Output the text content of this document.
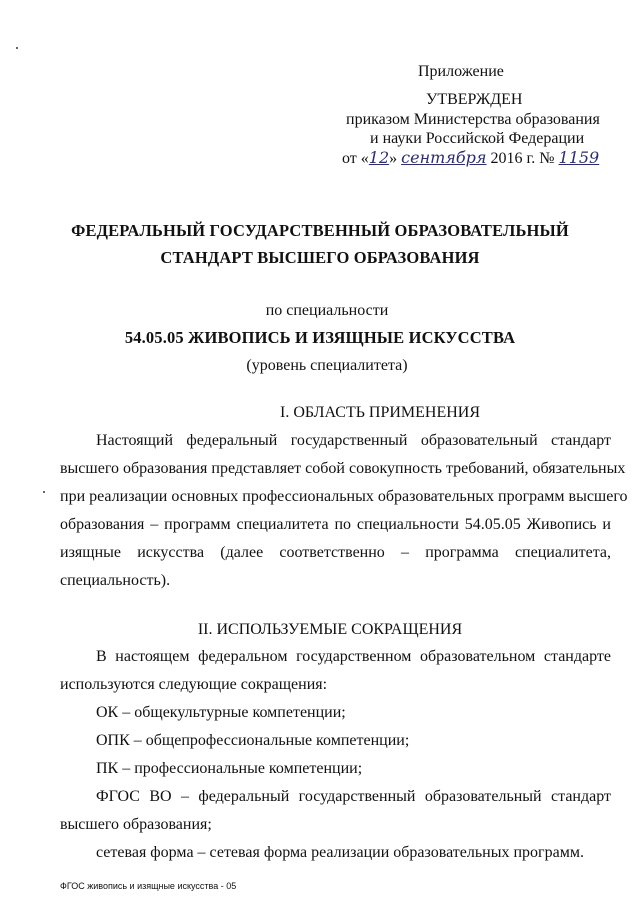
Приложение
УТВЕРЖДЕН
приказом Министерства образования
и науки Российской Федерации
от «12» сентября 2016 г. № 1159
ФЕДЕРАЛЬНЫЙ ГОСУДАРСТВЕННЫЙ ОБРАЗОВАТЕЛЬНЫЙ
СТАНДАРТ ВЫСШЕГО ОБРАЗОВАНИЯ
по специальности
54.05.05 ЖИВОПИСЬ И ИЗЯЩНЫЕ ИСКУССТВА
(уровень специалитета)
I. ОБЛАСТЬ ПРИМЕНЕНИЯ
Настоящий федеральный государственный образовательный стандарт
высшего образования представляет собой совокупность требований, обязательных
при реализации основных профессиональных образовательных программ высшего
образования – программ специалитета по специальности 54.05.05 Живопись и
изящные искусства (далее соответственно – программа специалитета,
специальность).
II. ИСПОЛЬЗУЕМЫЕ СОКРАЩЕНИЯ
В настоящем федеральном государственном образовательном стандарте
используются следующие сокращения:
ОК – общекультурные компетенции;
ОПК – общепрофессиональные компетенции;
ПК – профессиональные компетенции;
ФГОС ВО – федеральный государственный образовательный стандарт
высшего образования;
сетевая форма – сетевая форма реализации образовательных программ.
ФГОС живопись и изящные искусства - 05
